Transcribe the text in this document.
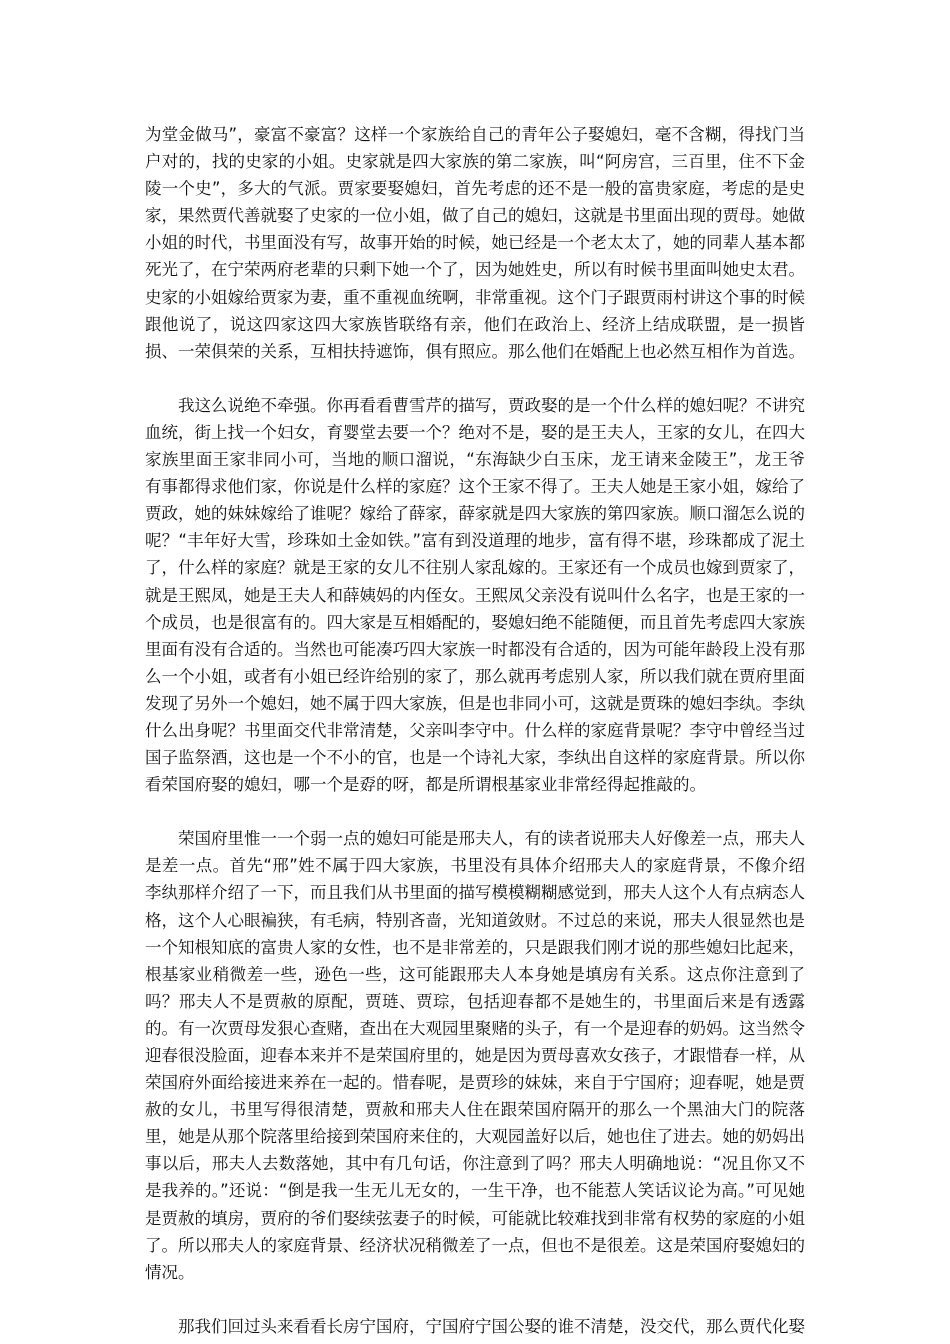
为堂金做马”，豪富不豪富？这样一个家族给自己的青年公子娶媳妇，毫不含糊，得找门当户对的，找的史家的小姐。史家就是四大家族的第二家族，叫“阿房宫，三百里，住不下金陵一个史”，多大的气派。贾家要娶媳妇，首先考虑的还不是一般的富贵家庭，考虑的是史家，果然贾代善就娶了史家的一位小姐，做了自己的媳妇，这就是书里面出现的贾母。她做小姐的时代，书里面没有写，故事开始的时候，她已经是一个老太太了，她的同辈人基本都死光了，在宁荣两府老辈的只剩下她一个了，因为她姓史，所以有时候书里面叫她史太君。史家的小姐嫁给贾家为妻，重不重视血统啊，非常重视。这个门子跟贾雨村讲这个事的时候跟他说了，说这四家这四大家族皆联络有亲，他们在政治上、经济上结成联盟，是一损皆损、一荣俱荣的关系，互相扶持遮饰，俱有照应。那么他们在婚配上也必然互相作为首选。

我这么说绝不牵强。你再看看曹雪芹的描写，贾政娶的是一个什么样的媳妇呢？不讲究血统，街上找一个妇女，育婴堂去要一个？绝对不是，娶的是王夫人，王家的女儿，在四大家族里面王家非同小可，当地的顺口溜说，“东海缺少白玉床，龙王请来金陵王”，龙王爷有事都得求他们家，你说是什么样的家庭？这个王家不得了。王夫人她是王家小姐，嫁给了贾政，她的妹妹嫁给了谁呢？嫁给了薛家，薛家就是四大家族的第四家族。顺口溜怎么说的呢？“丰年好大雪，珍珠如土金如铁。”富有到没道理的地步，富有得不堪，珍珠都成了泥土了，什么样的家庭？就是王家的女儿不往别人家乱嫁的。王家还有一个成员也嫁到贾家了，就是王熙凤，她是王夫人和薛姨妈的内侄女。王熙凤父亲没有说叫什么名字，也是王家的一个成员，也是很富有的。四大家是互相婚配的，娶媳妇绝不能随便，而且首先考虑四大家族里面有没有合适的。当然也可能凑巧四大家族一时都没有合适的，因为可能年龄段上没有那么一个小姐，或者有小姐已经许给别的家了，那么就再考虑别人家，所以我们就在贾府里面发现了另外一个媳妇，她不属于四大家族，但是也非同小可，这就是贾珠的媳妇李纨。李纨什么出身呢？书里面交代非常清楚，父亲叫李守中。什么样的家庭背景呢？李守中曾经当过国子监祭酒，这也是一个不小的官，也是一个诗礼大家，李纨出自这样的家庭背景。所以你看荣国府娶的媳妇，哪一个是孬的呀，都是所谓根基家业非常经得起推敲的。

荣国府里惟一一个弱一点的媳妇可能是邢夫人，有的读者说邢夫人好像差一点，邢夫人是差一点。首先“邢”姓不属于四大家族，书里没有具体介绍邢夫人的家庭背景，不像介绍李纨那样介绍了一下，而且我们从书里面的描写模模糊糊感觉到，邢夫人这个人有点病态人格，这个人心眼褊狭，有毛病，特别吝啬，光知道敛财。不过总的来说，邢夫人很显然也是一个知根知底的富贵人家的女性，也不是非常差的，只是跟我们刚才说的那些媳妇比起来，根基家业稍微差一些，逊色一些，这可能跟邢夫人本身她是填房有关系。这点你注意到了吗？邢夫人不是贾赦的原配，贾琏、贾琮，包括迎春都不是她生的，书里面后来是有透露的。有一次贾母发狠心查赌，查出在大观园里聚赌的头子，有一个是迎春的奶妈。这当然令迎春很没脸面，迎春本来并不是荣国府里的，她是因为贾母喜欢女孩子，才跟惜春一样，从荣国府外面给接进来养在一起的。惜春呢，是贾珍的妹妹，来自于宁国府；迎春呢，她是贾赦的女儿，书里写得很清楚，贾赦和邢夫人住在跟荣国府隔开的那么一个黑油大门的院落里，她是从那个院落里给接到荣国府来住的，大观园盖好以后，她也住了进去。她的奶妈出事以后，邢夫人去数落她，其中有几句话，你注意到了吗？邢夫人明确地说：“况且你又不是我养的。”还说：“倒是我一生无儿无女的，一生干净，也不能惹人笑话议论为高。”可见她是贾赦的填房，贾府的爷们娶续弦妻子的时候，可能就比较难找到非常有权势的家庭的小姐了。所以邢夫人的家庭背景、经济状况稍微差了一点，但也不是很差。这是荣国府娶媳妇的情况。

那我们回过头来看看长房宁国府，宁国府宁国公娶的谁不清楚，没交代，那么贾代化娶
